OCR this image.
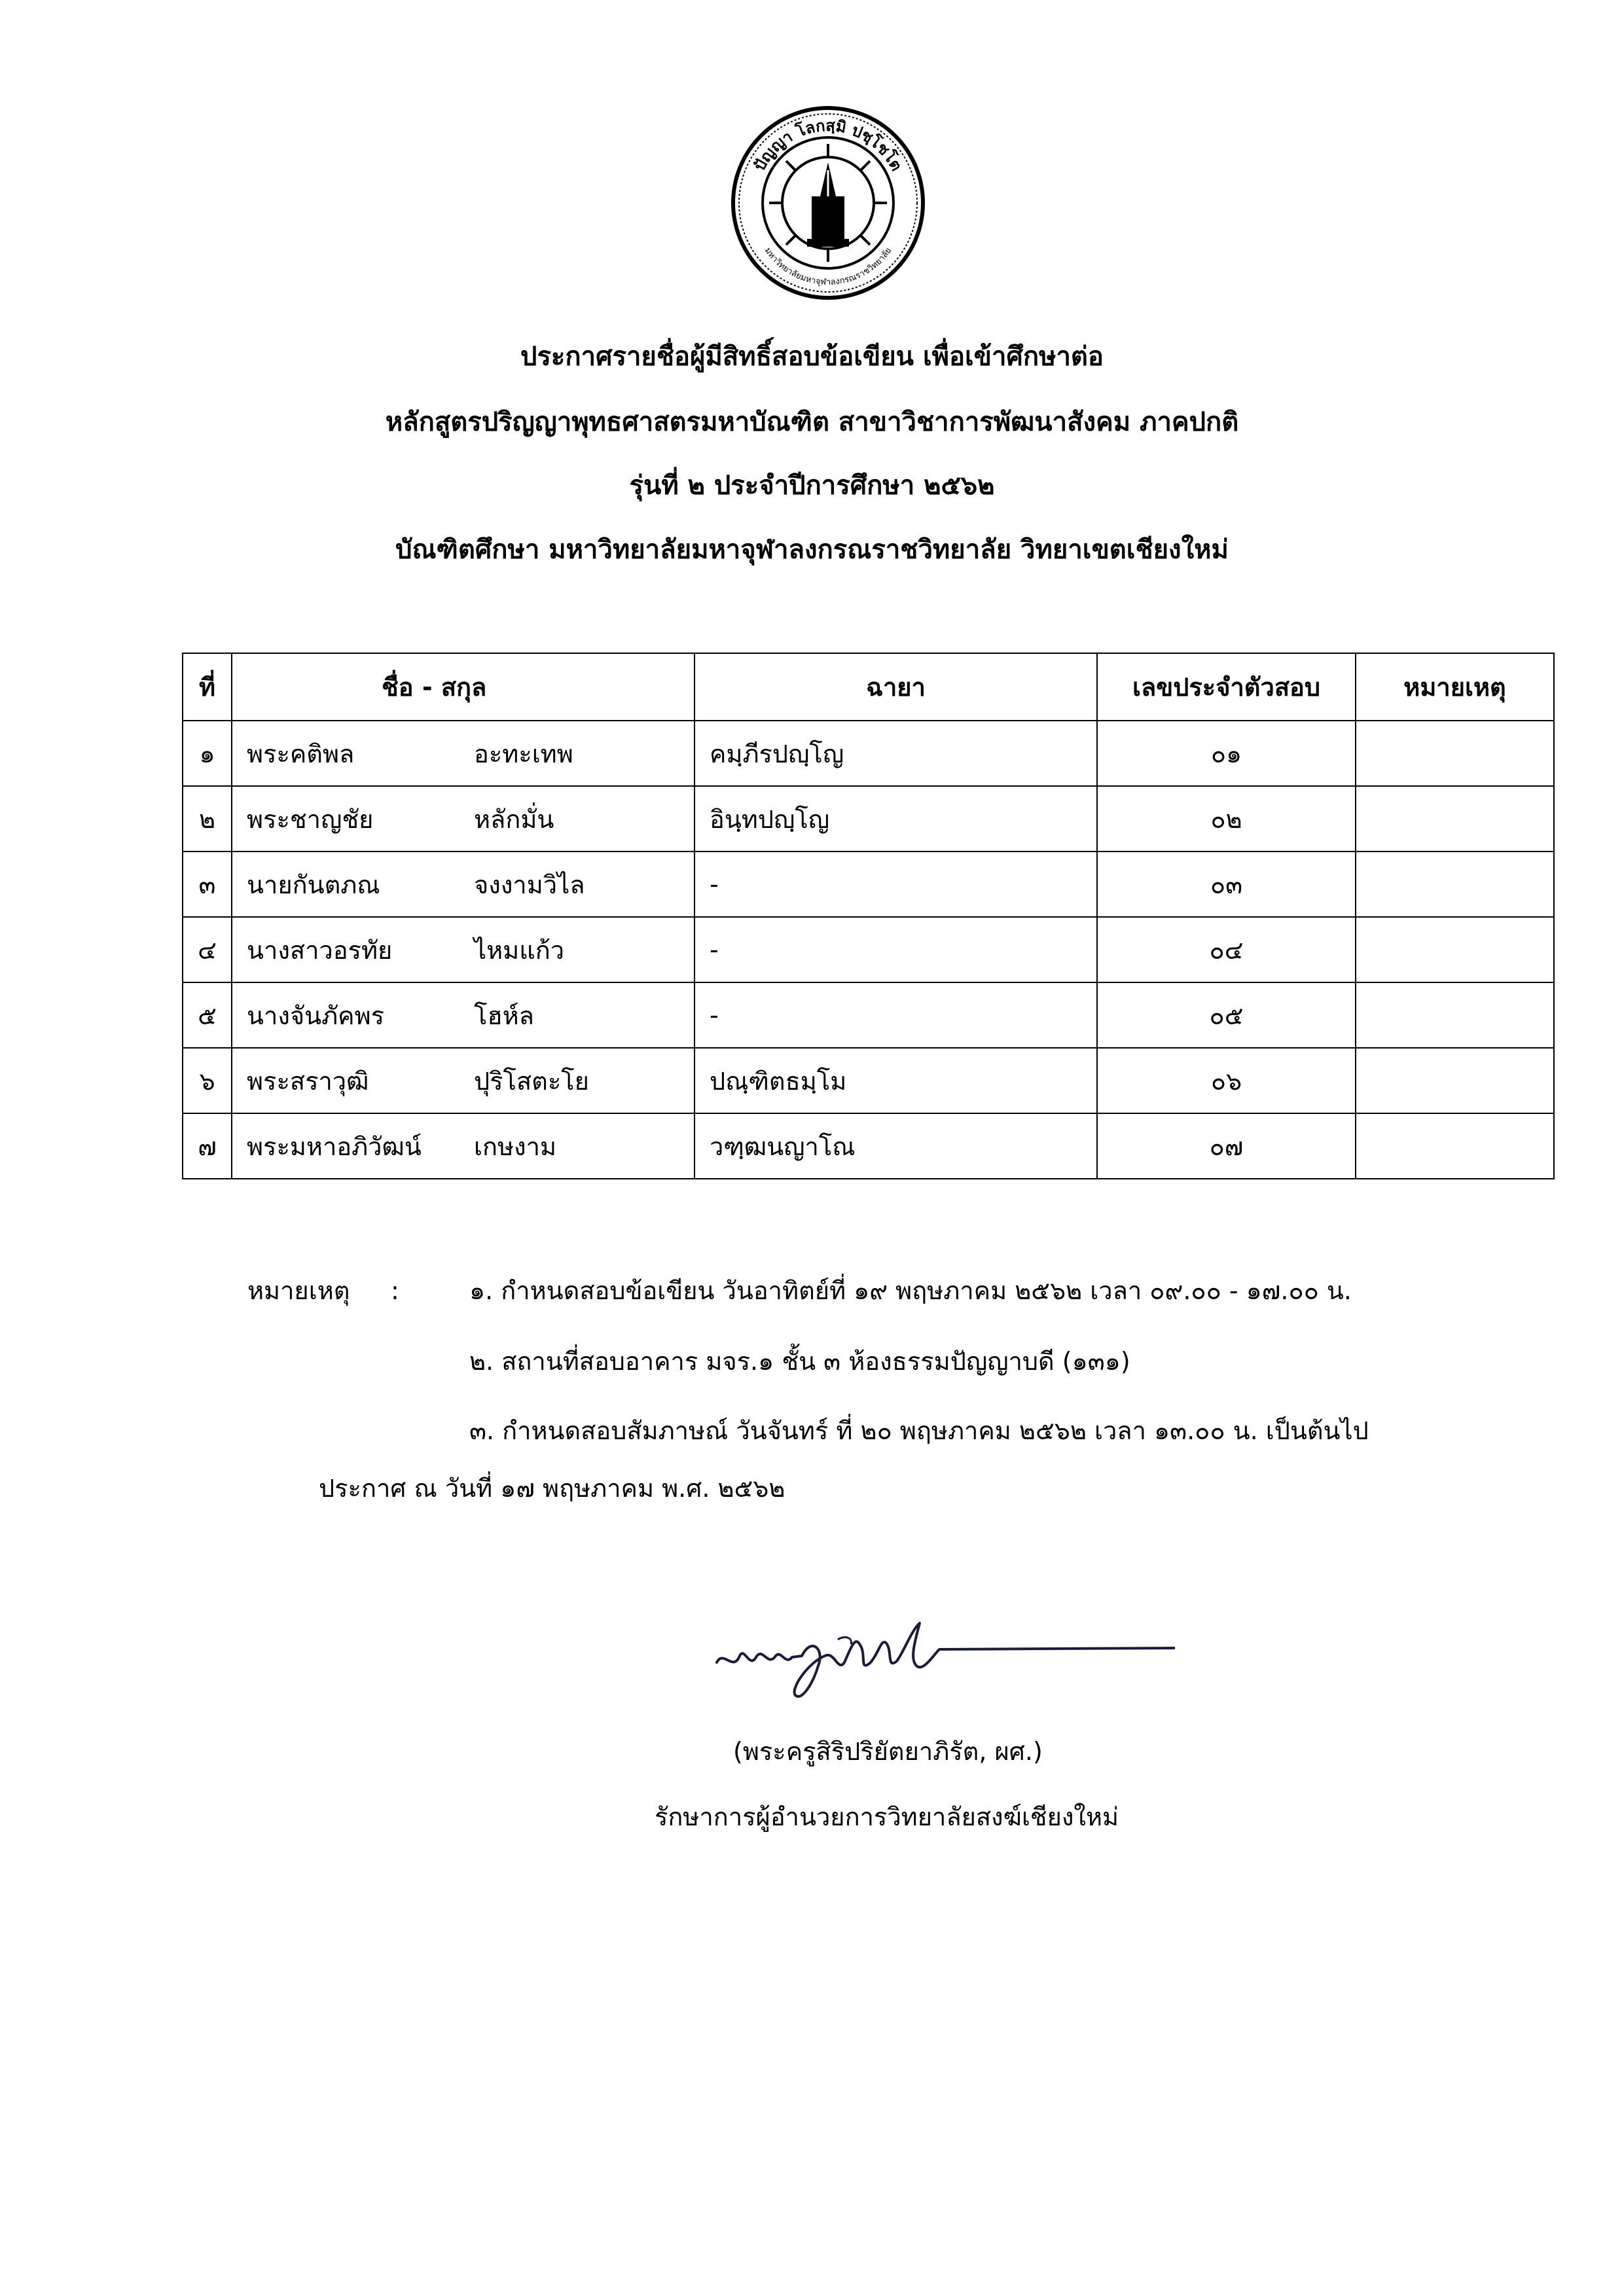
ปัญญา โลกสฺมิ ปชฺโชโต
มหาวิทยาลัยมหาจุฬาลงกรณราชวิทยาลัย
ประกาศรายชื่อผู้มีสิทธิ์สอบข้อเขียน เพื่อเข้าศึกษาต่อ
หลักสูตรปริญญาพุทธศาสตรมหาบัณฑิต สาขาวิชาการพัฒนาสังคม ภาคปกติ
รุ่นที่ ๒ ประจำปีการศึกษา ๒๕๖๒
บัณฑิตศึกษา มหาวิทยาลัยมหาจุฬาลงกรณราชวิทยาลัย วิทยาเขตเชียงใหม่
ที่	ชื่อ - สกุล		ฉายา	เลขประจำตัวสอบ	หมายเหตุ
๑	พระคติพล	อะทะเทพ	คมฺภีรปญฺโญ	๐๑	
๒	พระชาญชัย	หลักมั่น	อินฺทปญฺโญ	๐๒	
๓	นายกันตภณ	จงงามวิไล	-	๐๓	
๔	นางสาวอรทัย	ไหมแก้ว	-	๐๔	
๕	นางจันภัคพร	โฮห์ล	-	๐๕	
๖	พระสราวุฒิ	ปุริโสตะโย	ปณฺฑิตธมฺโม	๐๖	
๗	พระมหาอภิวัฒน์	เกษงาม	วฑฺฒนญาโณ	๐๗	
หมายเหตุ :	๑. กำหนดสอบข้อเขียน วันอาทิตย์ที่ ๑๙ พฤษภาคม ๒๕๖๒ เวลา ๐๙.๐๐ - ๑๗.๐๐ น.
๒. สถานที่สอบอาคาร มจร.๑ ชั้น ๓ ห้องธรรมปัญญาบดี (๑๓๑)
๓. กำหนดสอบสัมภาษณ์ วันจันทร์ ที่ ๒๐ พฤษภาคม ๒๕๖๒ เวลา ๑๓.๐๐ น. เป็นต้นไป
ประกาศ ณ วันที่ ๑๗ พฤษภาคม พ.ศ. ๒๕๖๒
(พระครูสิริปริยัตยาภิรัต, ผศ.)
รักษาการผู้อำนวยการวิทยาลัยสงฆ์เชียงใหม่
